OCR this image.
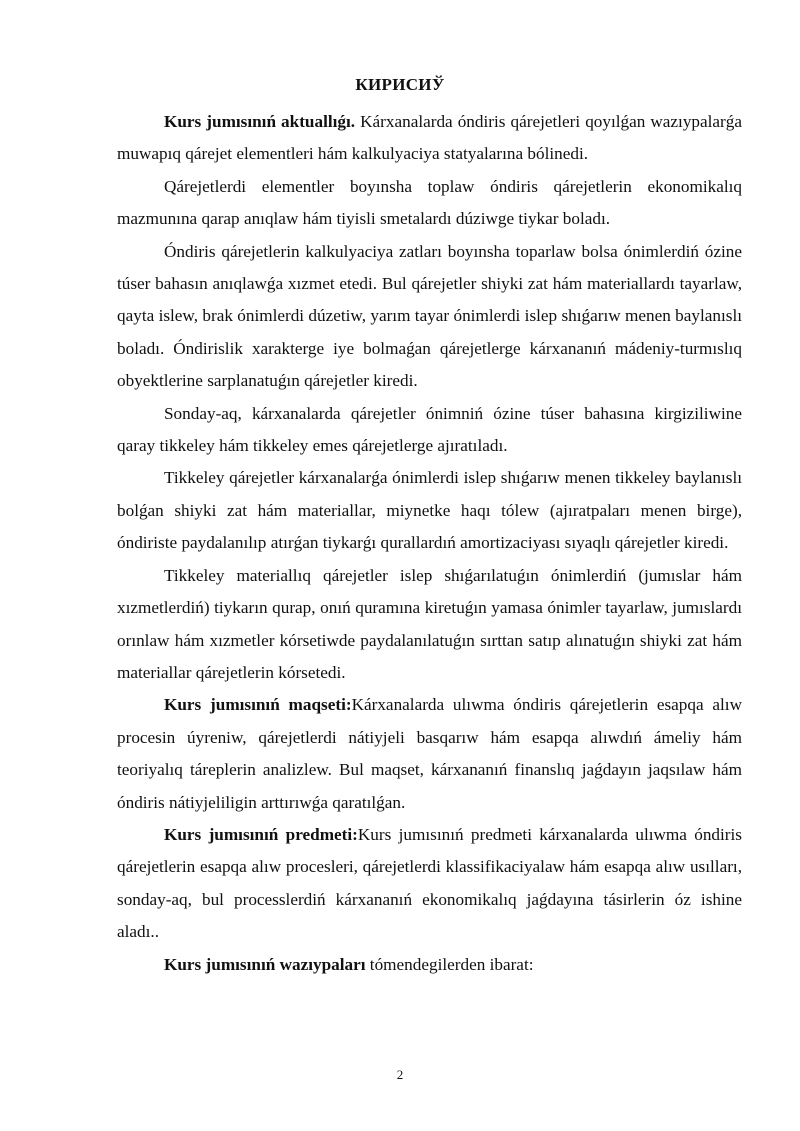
КИРИСИЎ

Kurs jumısınıń aktuallıǵı. Kárxanalarda óndiris qárejetleri qoyılǵan wazıypalarǵa muwapıq qárejet elementleri hám kalkulyaciya statyalarına bólinedi.

Qárejetlerdi elementler boyınsha toplaw óndiris qárejetlerin ekonomikalıq mazmunına qarap anıqlaw hám tiyisli smetalardı dúziwge tiykar boladı.

Óndiris qárejetlerin kalkulyaciya zatları boyınsha toparlaw bolsa ónimlerdiń ózine túser bahasın anıqlawǵa xızmet etedi. Bul qárejetler shiyki zat hám materiallardı tayarlaw, qayta islew, brak ónimlerdi dúzetiw, yarım tayar ónimlerdi islep shıǵarıw menen baylanıslı boladı. Óndirislik xarakterge iye bolmaǵan qárejetlerge kárxananıń mádeniy-turmıslıq obyektlerine sarplanatuǵın qárejetler kiredi.

Sonday-aq, kárxanalarda qárejetler ónimniń ózine túser bahasına kirgiziliwine qaray tikkeley hám tikkeley emes qárejetlerge ajıratıladı.

Tikkeley qárejetler kárxanalarǵa ónimlerdi islep shıǵarıw menen tikkeley baylanıslı bolǵan shiyki zat hám materiallar, miynetke haqı tólew (ajıratpaları menen birge), óndiriste paydalanılıp atırǵan tiykarǵı qurallardıń amortizaciyası sıyaqlı qárejetler kiredi.

Tikkeley materiallıq qárejetler islep shıǵarılatuǵın ónimlerdiń (jumıslar hám xızmetlerdiń) tiykarın qurap, onıń quramına kiretuǵın yamasa ónimler tayarlaw, jumıslardı orınlaw hám xızmetler kórsetiwde paydalanılatuǵın sırttan satıp alınatuǵın shiyki zat hám materiallar qárejetlerin kórsetedi.

Kurs jumısınıń maqseti:Kárxanalarda ulıwma óndiris qárejetlerin esapqa alıw procesin úyreniw, qárejetlerdi nátiyjeli basqarıw hám esapqa alıwdıń ámeliy hám teoriyalıq táreplerin analizlew. Bul maqset, kárxananıń finanslıq jaǵdayın jaqsılaw hám óndiris nátiyjeliligin arttırıwǵa qaratılǵan.

Kurs jumısınıń predmeti:Kurs jumısınıń predmeti kárxanalarda ulıwma óndiris qárejetlerin esapqa alıw procesleri, qárejetlerdi klassifikaciyalaw hám esapqa alıw usılları, sonday-aq, bul processlerdiń kárxananıń ekonomikalıq jaǵdayına tásirlerin óz ishine aladı..

Kurs jumısınıń wazıypaları tómendegilerden ibarat:

2
